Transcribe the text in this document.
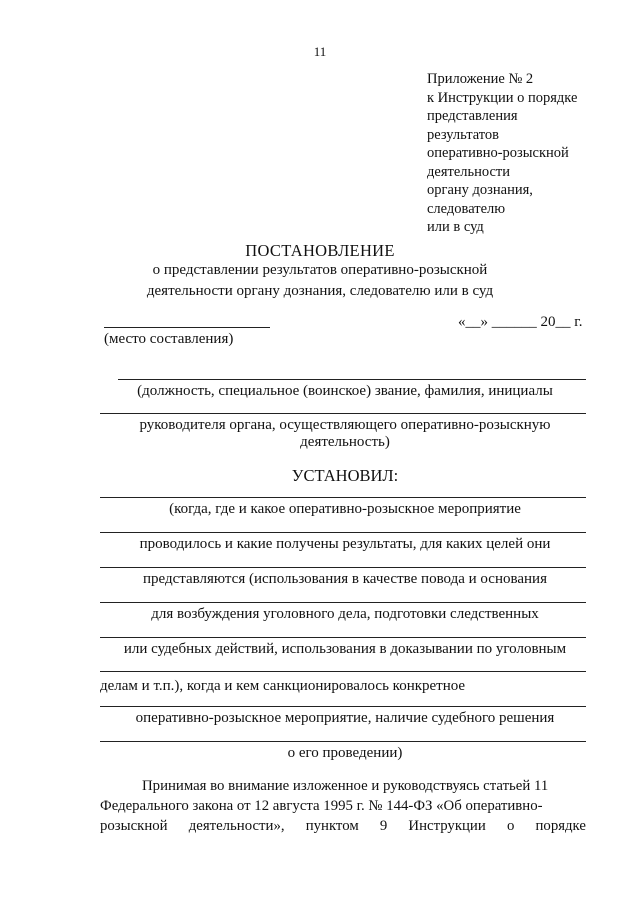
11
Приложение № 2
к Инструкции о порядке
представления
результатов
оперативно-розыскной
деятельности
органу дознания,
следователю
или в суд
ПОСТАНОВЛЕНИЕ
о представлении результатов оперативно-розыскной
деятельности органу дознания, следователю или в суд
(место составления)
«__» ______ 20__ г.
(должность, специальное (воинское) звание, фамилия, инициалы
руководителя органа, осуществляющего оперативно-розыскную
деятельность)
УСТАНОВИЛ:
(когда, где и какое оперативно-розыскное мероприятие
проводилось и какие получены результаты, для каких целей они
представляются (использования в качестве повода и основания
для возбуждения уголовного дела, подготовки следственных
или судебных действий, использования в доказывании по уголовным
делам и т.п.), когда и кем санкционировалось конкретное
оперативно-розыскное мероприятие, наличие судебного решения
о его проведении)
Принимая во внимание изложенное и руководствуясь статьей 11
Федерального закона от 12 августа 1995 г. № 144-ФЗ «Об оперативно-
розыскной деятельности», пунктом 9 Инструкции о порядке
